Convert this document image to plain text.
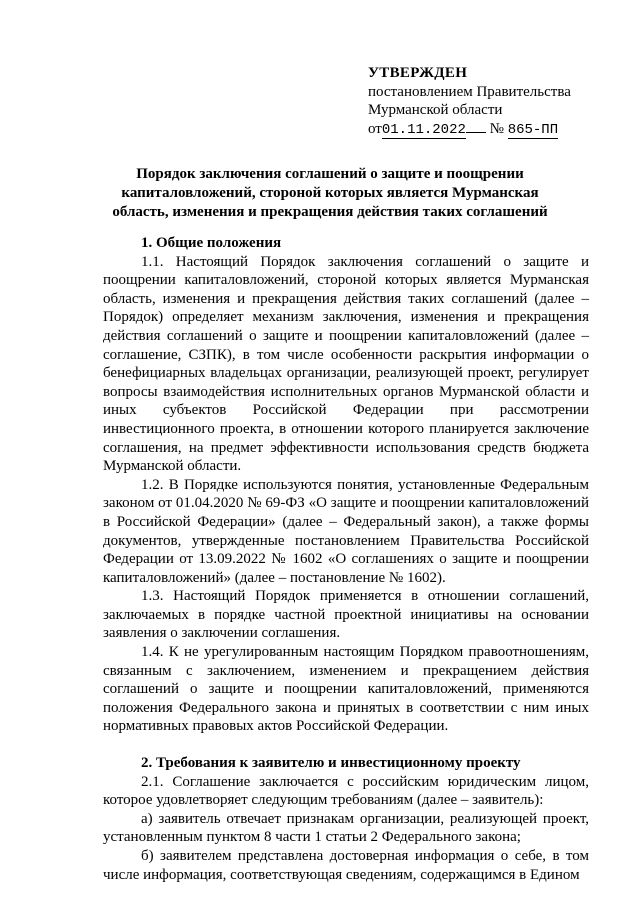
УТВЕРЖДЕН
постановлением Правительства
Мурманской области
от01.11.2022 № 865-ПП
Порядок заключения соглашений о защите и поощрении капиталовложений, стороной которых является Мурманская область, изменения и прекращения действия таких соглашений
1. Общие положения

1.1. Настоящий Порядок заключения соглашений о защите и поощрении капиталовложений, стороной которых является Мурманская область, изменения и прекращения действия таких соглашений (далее – Порядок) определяет механизм заключения, изменения и прекращения действия соглашений о защите и поощрении капиталовложений (далее – соглашение, СЗПК), в том числе особенности раскрытия информации о бенефициарных владельцах организации, реализующей проект, регулирует вопросы взаимодействия исполнительных органов Мурманской области и иных субъектов Российской Федерации при рассмотрении инвестиционного проекта, в отношении которого планируется заключение соглашения, на предмет эффективности использования средств бюджета Мурманской области.

1.2. В Порядке используются понятия, установленные Федеральным законом от 01.04.2020 № 69-ФЗ «О защите и поощрении капиталовложений в Российской Федерации» (далее – Федеральный закон), а также формы документов, утвержденные постановлением Правительства Российской Федерации от 13.09.2022 № 1602 «О соглашениях о защите и поощрении капиталовложений» (далее – постановление № 1602).

1.3. Настоящий Порядок применяется в отношении соглашений, заключаемых в порядке частной проектной инициативы на основании заявления о заключении соглашения.

1.4. К не урегулированным настоящим Порядком правоотношениям, связанным с заключением, изменением и прекращением действия соглашений о защите и поощрении капиталовложений, применяются положения Федерального закона и принятых в соответствии с ним иных нормативных правовых актов Российской Федерации.

2. Требования к заявителю и инвестиционному проекту

2.1. Соглашение заключается с российским юридическим лицом, которое удовлетворяет следующим требованиям (далее – заявитель):

а) заявитель отвечает признакам организации, реализующей проект, установленным пунктом 8 части 1 статьи 2 Федерального закона;

б) заявителем представлена достоверная информация о себе, в том числе информация, соответствующая сведениям, содержащимся в Едином
